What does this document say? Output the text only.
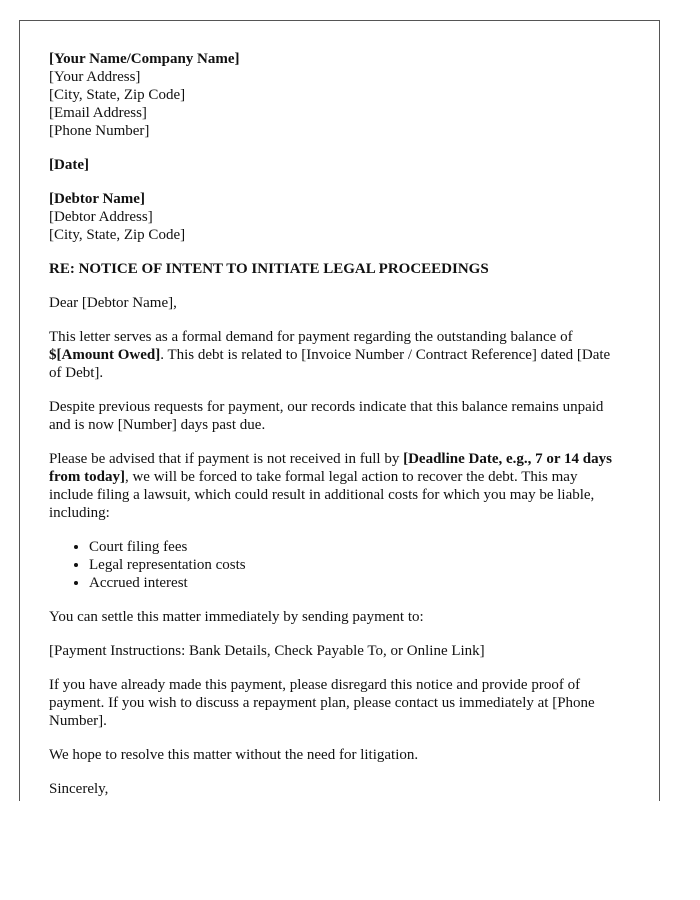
[Your Name/Company Name]
[Your Address]
[City, State, Zip Code]
[Email Address]
[Phone Number]

[Date]

[Debtor Name]
[Debtor Address]
[City, State, Zip Code]

RE: NOTICE OF INTENT TO INITIATE LEGAL PROCEEDINGS

Dear [Debtor Name],

This letter serves as a formal demand for payment regarding the outstanding balance of $[Amount Owed]. This debt is related to [Invoice Number / Contract Reference] dated [Date of Debt].

Despite previous requests for payment, our records indicate that this balance remains unpaid and is now [Number] days past due.

Please be advised that if payment is not received in full by [Deadline Date, e.g., 7 or 14 days from today], we will be forced to take formal legal action to recover the debt. This may include filing a lawsuit, which could result in additional costs for which you may be liable, including:

• Court filing fees
• Legal representation costs
• Accrued interest

You can settle this matter immediately by sending payment to:

[Payment Instructions: Bank Details, Check Payable To, or Online Link]

If you have already made this payment, please disregard this notice and provide proof of payment. If you wish to discuss a repayment plan, please contact us immediately at [Phone Number].

We hope to resolve this matter without the need for litigation.

Sincerely,
